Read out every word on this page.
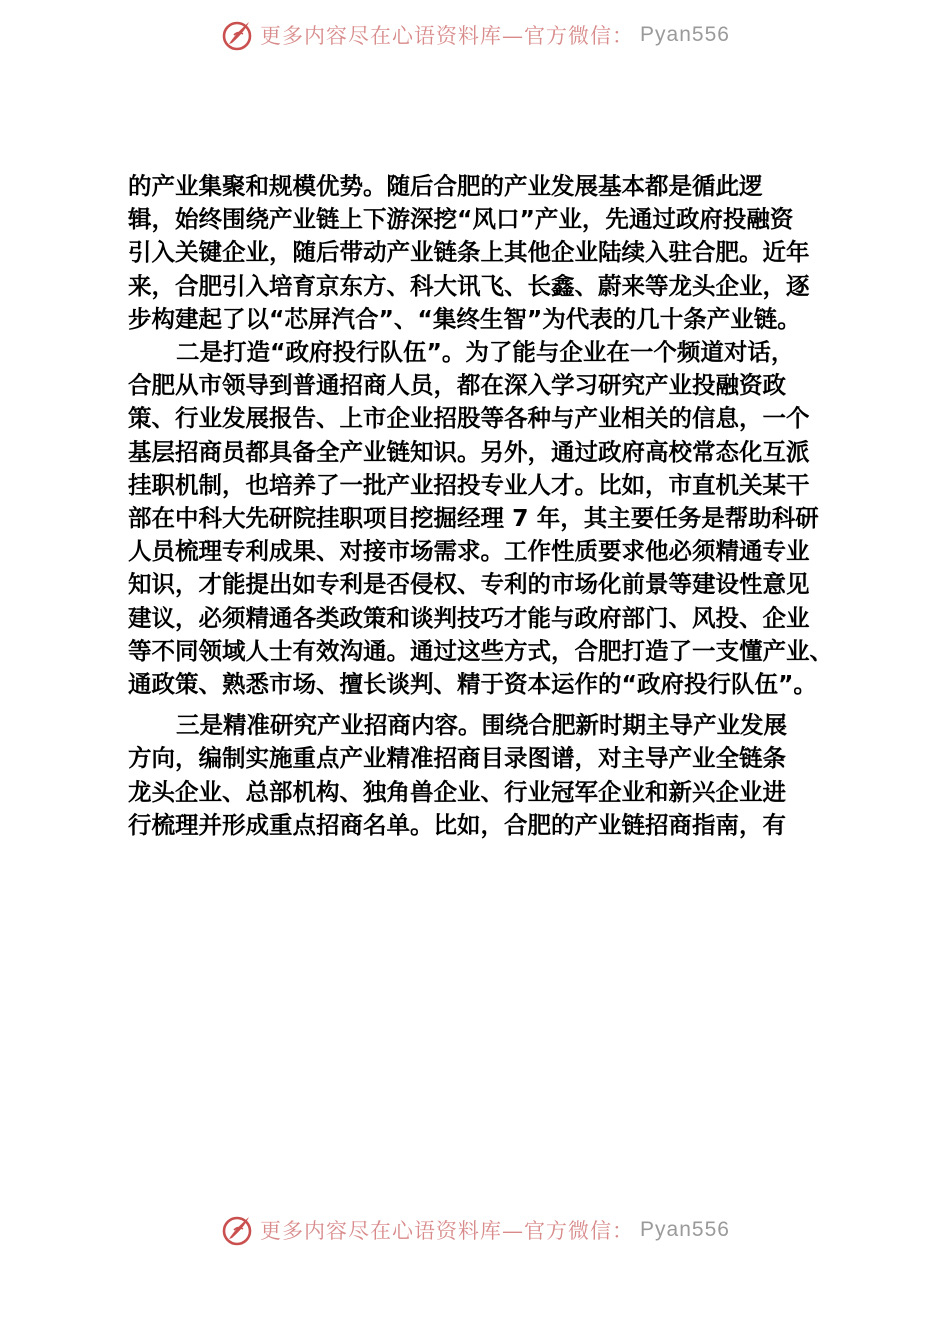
更多内容尽在心语资料库—官方微信： Pyan556

的产业集聚和规模优势。随后合肥的产业发展基本都是循此逻
辑，始终围绕产业链上下游深挖“风口”产业，先通过政府投融资
引入关键企业，随后带动产业链条上其他企业陆续入驻合肥。近年
来，合肥引入培育京东方、科大讯飞、长鑫、蔚来等龙头企业，逐
步构建起了以“芯屏汽合”、“集终生智”为代表的几十条产业链。

二是打造“政府投行队伍”。为了能与企业在一个频道对话，
合肥从市领导到普通招商人员，都在深入学习研究产业投融资政
策、行业发展报告、上市企业招股等各种与产业相关的信息，一个
基层招商员都具备全产业链知识。另外，通过政府高校常态化互派
挂职机制，也培养了一批产业招投专业人才。比如，市直机关某干
部在中科大先研院挂职项目挖掘经理 7 年，其主要任务是帮助科研
人员梳理专利成果、对接市场需求。工作性质要求他必须精通专业
知识，才能提出如专利是否侵权、专利的市场化前景等建设性意见
建议，必须精通各类政策和谈判技巧才能与政府部门、风投、企业
等不同领域人士有效沟通。通过这些方式，合肥打造了一支懂产业、
通政策、熟悉市场、擅长谈判、精于资本运作的“政府投行队伍”。

三是精准研究产业招商内容。围绕合肥新时期主导产业发展
方向，编制实施重点产业精准招商目录图谱，对主导产业全链条
龙头企业、总部机构、独角兽企业、行业冠军企业和新兴企业进
行梳理并形成重点招商名单。比如，合肥的产业链招商指南，有

更多内容尽在心语资料库—官方微信： Pyan556
